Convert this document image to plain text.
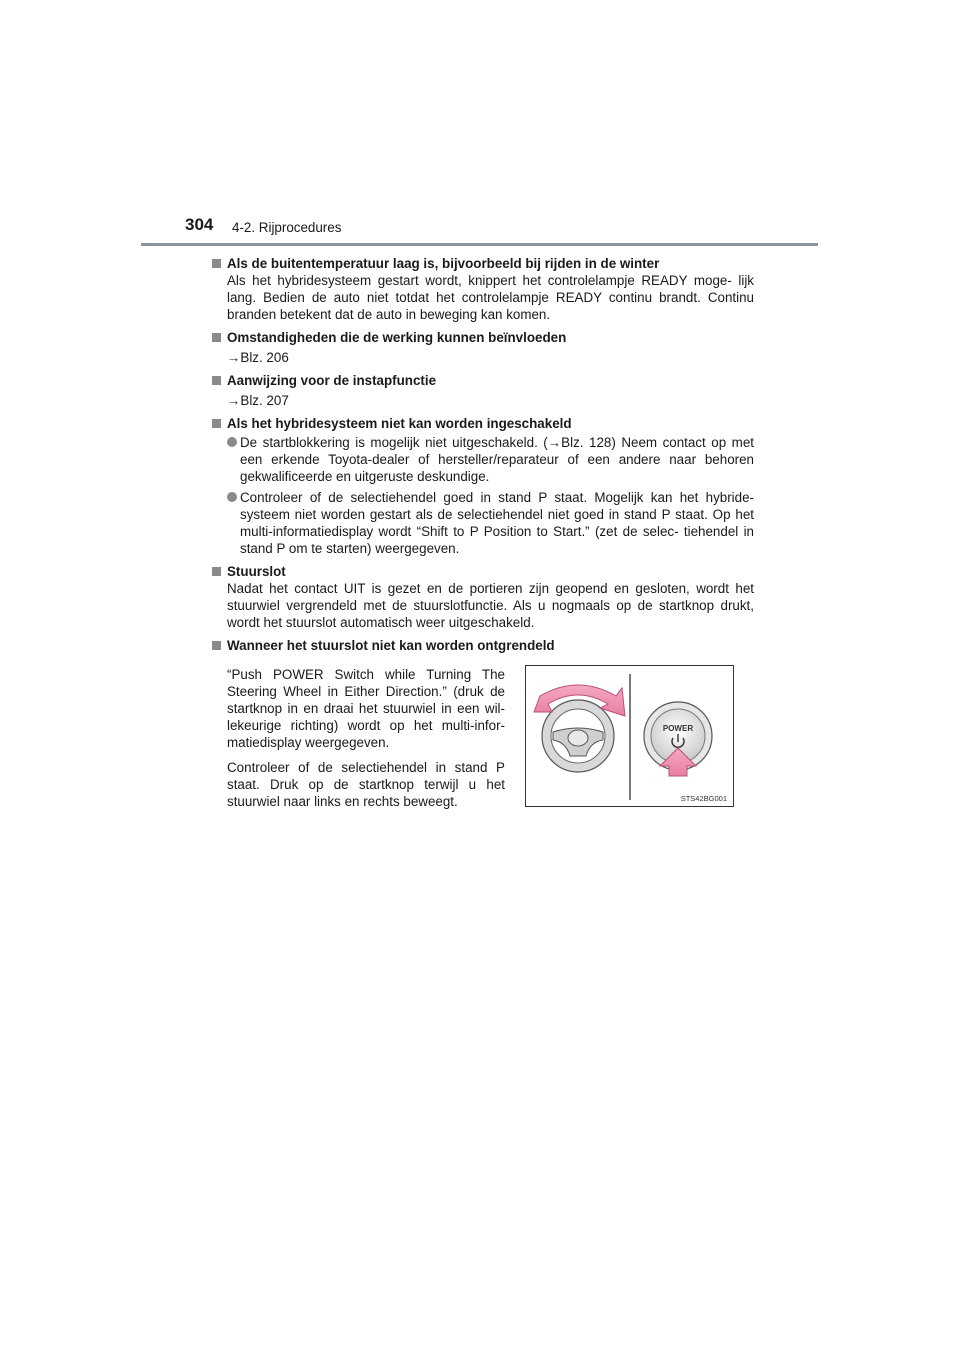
304 4-2. Rijprocedures
Als de buitentemperatuur laag is, bijvoorbeeld bij rijden in de winter
Als het hybridesysteem gestart wordt, knippert het controlelampje READY moge- lijk lang. Bedien de auto niet totdat het controlelampje READY continu brandt. Continu branden betekent dat de auto in beweging kan komen.
Omstandigheden die de werking kunnen beïnvloeden
→Blz. 206
Aanwijzing voor de instapfunctie
→Blz. 207
Als het hybridesysteem niet kan worden ingeschakeld
De startblokkering is mogelijk niet uitgeschakeld. (→Blz. 128) Neem contact op met een erkende Toyota-dealer of hersteller/reparateur of een andere naar behoren gekwalificeerde en uitgeruste deskundige.
Controleer of de selectiehendel goed in stand P staat. Mogelijk kan het hybride- systeem niet worden gestart als de selectiehendel niet goed in stand P staat. Op het multi-informatiedisplay wordt “Shift to P Position to Start.” (zet de selec- tiehendel in stand P om te starten) weergegeven.
Stuurslot
Nadat het contact UIT is gezet en de portieren zijn geopend en gesloten, wordt het stuurwiel vergrendeld met de stuurslotfunctie. Als u nogmaals op de startknop drukt, wordt het stuurslot automatisch weer uitgeschakeld.
Wanneer het stuurslot niet kan worden ontgrendeld

“Push POWER Switch while Turning The Steering Wheel in Either Direction.” (druk de startknop in en draai het stuurwiel in een wil- lekeurige richting) wordt op het multi-infor- matiedisplay weergegeven.

Controleer of de selectiehendel in stand P staat. Druk op de startknop terwijl u het stuurwiel naar links en rechts beweegt.

POWER
STS42BG001
